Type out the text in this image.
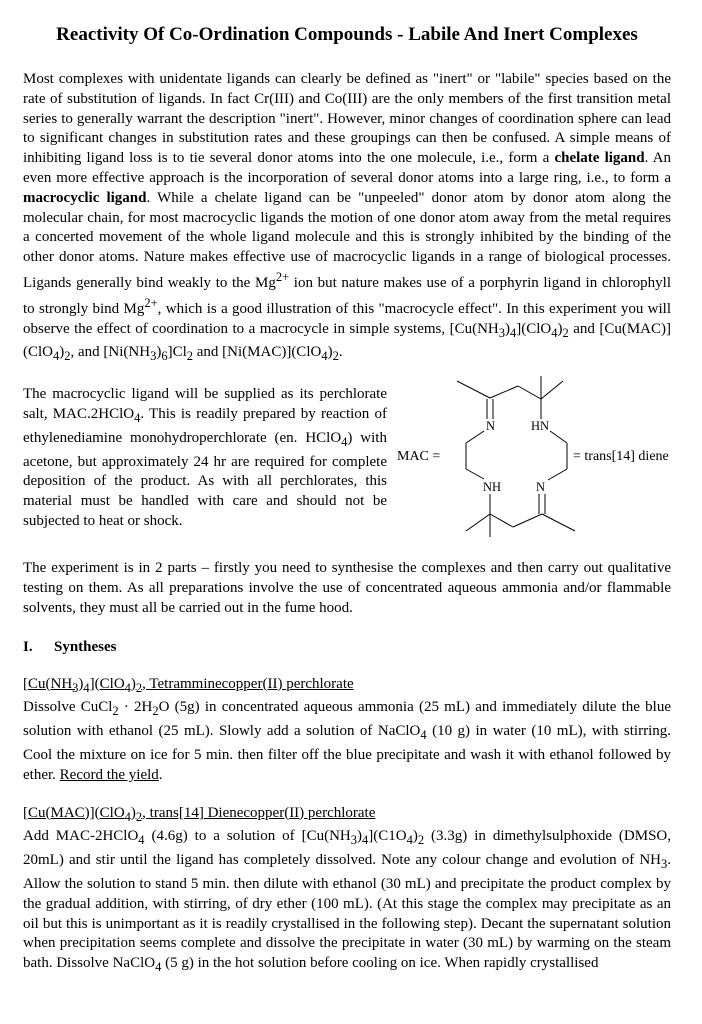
Reactivity Of Co-Ordination Compounds - Labile And Inert Complexes

Most complexes with unidentate ligands can clearly be defined as "inert" or "labile" species based on the rate of substitution of ligands. In fact Cr(III) and Co(III) are the only members of the first transition metal series to generally warrant the description "inert". However, minor changes of coordination sphere can lead to significant changes in substitution rates and these groupings can then be confused. A simple means of inhibiting ligand loss is to tie several donor atoms into the one molecule, i.e., form a chelate ligand. An even more effective approach is the incorporation of several donor atoms into a large ring, i.e., to form a macrocyclic ligand. While a chelate ligand can be "unpeeled" donor atom by donor atom along the molecular chain, for most macrocyclic ligands the motion of one donor atom away from the metal requires a concerted movement of the whole ligand molecule and this is strongly inhibited by the binding of the other donor atoms. Nature makes effective use of macrocyclic ligands in a range of biological processes. Ligands generally bind weakly to the $Mg^{2+}$ ion but nature makes use of a porphyrin ligand in chlorophyll to strongly bind $Mg^{2+}$, which is a good illustration of this "macrocycle effect". In this experiment you will observe the effect of coordination to a macrocycle in simple systems, $[Cu(NH_3)_4](ClO_4)_2$ and $[Cu(MAC)](ClO_4)_2$, and $[Ni(NH_3)_6]Cl_2$ and $[Ni(MAC)](ClO_4)_2$.

The macrocyclic ligand will be supplied as its perchlorate salt, MAC.2HClO$_4$. This is readily prepared by reaction of ethylenediamine monohydroperchlorate (en. HClO$_4$) with acetone, but approximately 24 hr are required for complete deposition of the product. As with all perchlorates, this material must be handled with care and should not be subjected to heat or shock.

N	HN
NH	N
MAC =	= trans[14] diene

The experiment is in 2 parts – firstly you need to synthesise the complexes and then carry out qualitative testing on them. As all preparations involve the use of concentrated aqueous ammonia and/or flammable solvents, they must all be carried out in the fume hood.

I. Syntheses

$[Cu(NH_3)_4](ClO_4)_2$, Tetramminecopper(II) perchlorate

Dissolve CuCl$_2$ · $2H_2O$ (5g) in concentrated aqueous ammonia (25 mL) and immediately dilute the blue solution with ethanol (25 mL). Slowly add a solution of NaClO$_4$ (10 g) in water (10 mL), with stirring. Cool the mixture on ice for 5 min. then filter off the blue precipitate and wash it with ethanol followed by ether. Record the yield.

$[Cu(MAC)](ClO_4)_2$, trans[14] Dienecopper(II) perchlorate

Add MAC-2HClO$_4$ (4.6g) to a solution of $[Cu(NH_3)_4](C1O_4)_2$ (3.3g) in dimethylsulphoxide (DMSO, 20mL) and stir until the ligand has completely dissolved. Note any colour change and evolution of $NH_3$. Allow the solution to stand 5 min. then dilute with ethanol (30 mL) and precipitate the product complex by the gradual addition, with stirring, of dry ether (100 mL). (At this stage the complex may precipitate as an oil but this is unimportant as it is readily crystallised in the following step). Decant the supernatant solution when precipitation seems complete and dissolve the precipitate in water (30 mL) by warming on the steam bath. Dissolve NaClO$_4$ (5 g) in the hot solution before cooling on ice. When rapidly crystallised
